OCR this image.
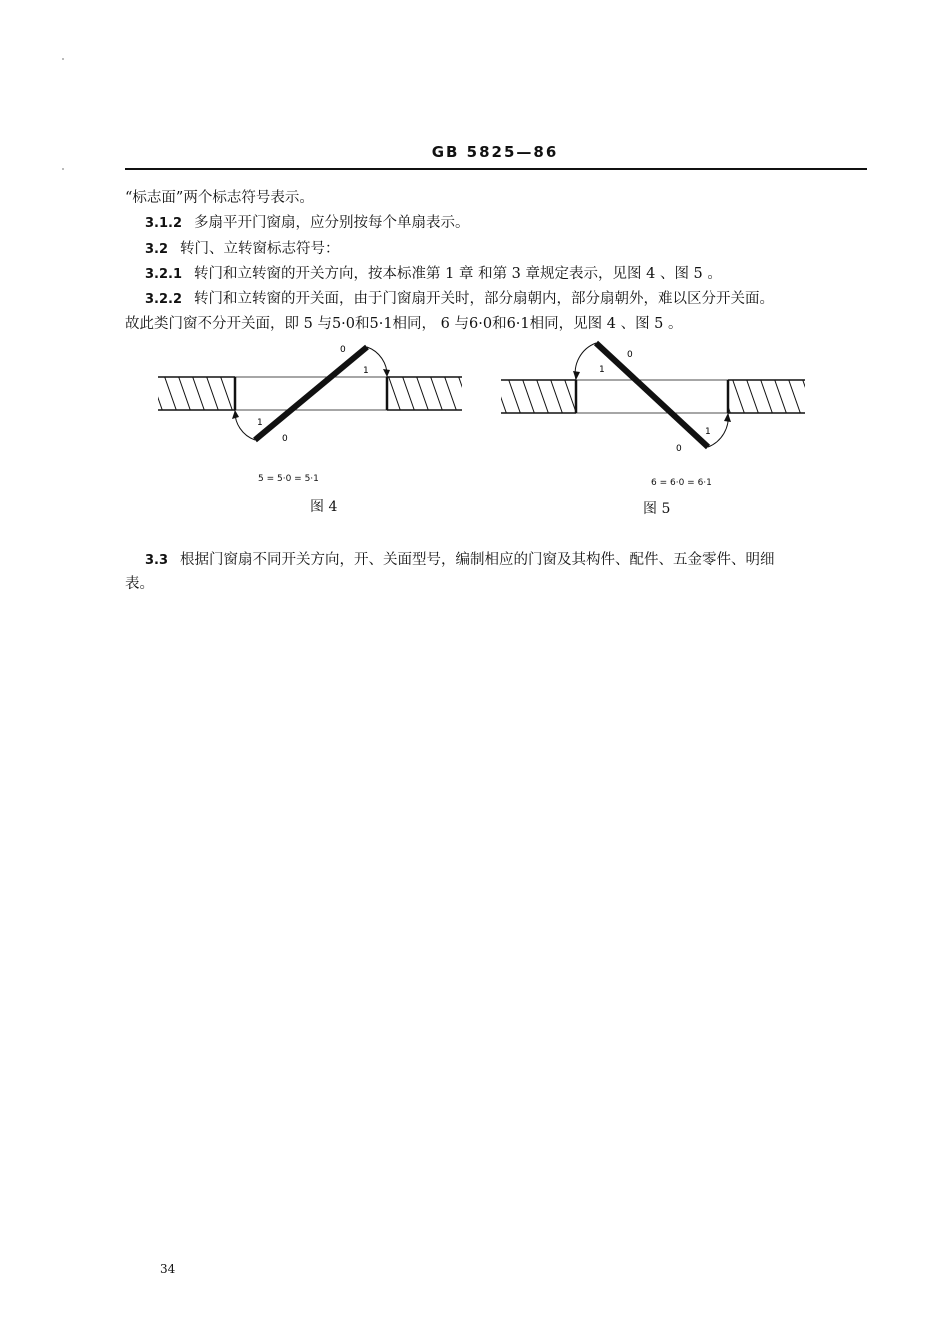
GB 5825—86
“标志面”两个标志符号表示。
3.1.2 多扇平开门窗扇，应分别按每个单扇表示。
3.2 转门、立转窗标志符号：
3.2.1 转门和立转窗的开关方向，按本标准第 1 章 和第 3 章规定表示，见图 4 、图 5 。
3.2.2 转门和立转窗的开关面，由于门窗扇开关时，部分扇朝内，部分扇朝外，难以区分开关面。
故此类门窗不分开关面，即 5 与5·0和5·1相同， 6 与6·0和6·1相同，见图 4 、图 5 。
0
1
1
0
5 = 5·0 = 5·1
图 4
0
1
0
1
6 = 6·0 = 6·1
图 5
3.3 根据门窗扇不同开关方向，开、关面型号，编制相应的门窗及其构件、配件、五金零件、明细
表。
34
